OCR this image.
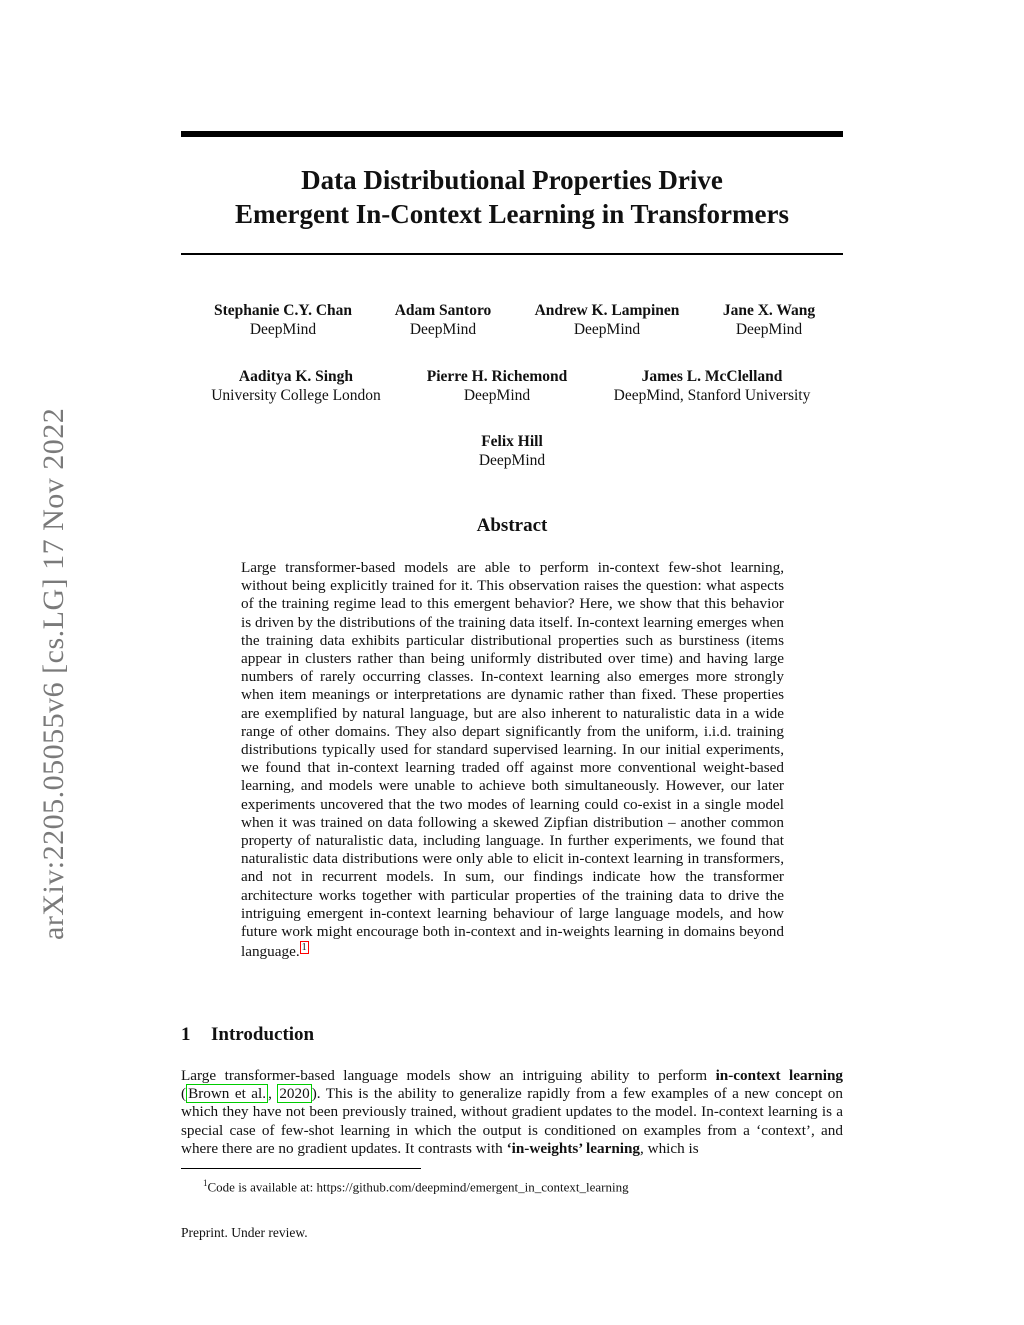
arXiv:2205.05055v6 [cs.LG] 17 Nov 2022
Data Distributional Properties Drive
Emergent In-Context Learning in Transformers
Stephanie C.Y. Chan
DeepMind
Adam Santoro
DeepMind
Andrew K. Lampinen
DeepMind
Jane X. Wang
DeepMind
Aaditya K. Singh
University College London
Pierre H. Richemond
DeepMind
James L. McClelland
DeepMind, Stanford University
Felix Hill
DeepMind
Abstract

Large transformer-based models are able to perform in-context few-shot learning, without being explicitly trained for it. This observation raises the question: what aspects of the training regime lead to this emergent behavior? Here, we show that this behavior is driven by the distributions of the training data itself. In-context learning emerges when the training data exhibits particular distributional properties such as burstiness (items appear in clusters rather than being uniformly distributed over time) and having large numbers of rarely occurring classes. In-context learning also emerges more strongly when item meanings or interpretations are dynamic rather than fixed. These properties are exemplified by natural language, but are also inherent to naturalistic data in a wide range of other domains. They also depart significantly from the uniform, i.i.d. training distributions typically used for standard supervised learning. In our initial experiments, we found that in-context learning traded off against more conventional weight-based learning, and models were unable to achieve both simultaneously. However, our later experiments uncovered that the two modes of learning could co-exist in a single model when it was trained on data following a skewed Zipfian distribution – another common property of naturalistic data, including language. In further experiments, we found that naturalistic data distributions were only able to elicit in-context learning in transformers, and not in recurrent models. In sum, our findings indicate how the transformer architecture works together with particular properties of the training data to drive the intriguing emergent in-context learning behaviour of large language models, and how future work might encourage both in-context and in-weights learning in domains beyond language. 1

1 Introduction

Large transformer-based language models show an intriguing ability to perform in-context learning ( Brown et al. , 2020 ). This is the ability to generalize rapidly from a few examples of a new concept on which they have not been previously trained, without gradient updates to the model. In-context learning is a special case of few-shot learning in which the output is conditioned on examples from a ‘context’, and where there are no gradient updates. It contrasts with ‘in-weights’ learning, which is

$^1$Code is available at: https://github.com/deepmind/emergent_in_context_learning

Preprint. Under review.
